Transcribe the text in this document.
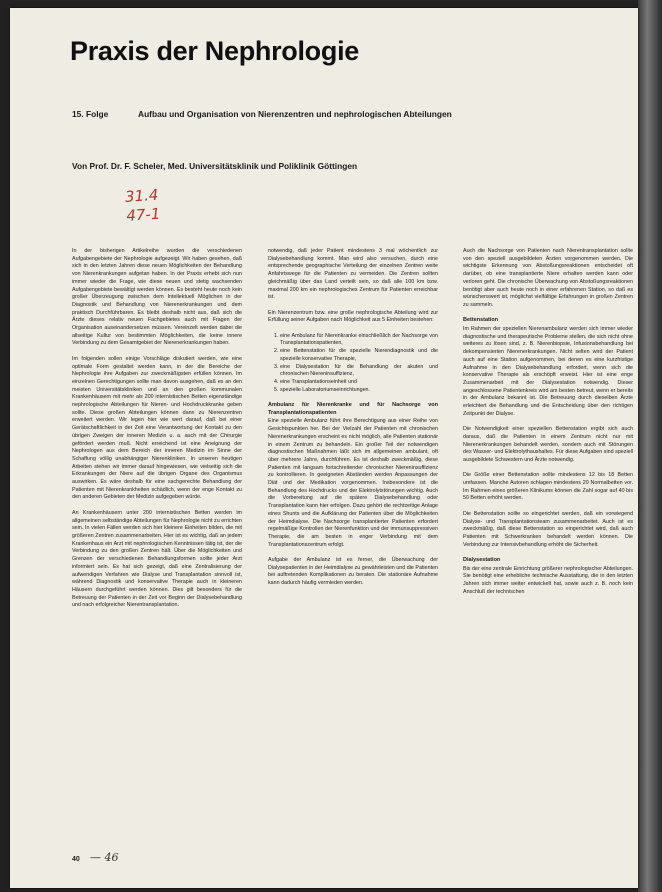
Praxis der Nephrologie
15. Folge	Aufbau und Organisation von Nierenzentren und nephrologischen Abteilungen
Von Prof. Dr. F. Scheler, Med. Universitätsklinik und Poliklinik Göttingen
31.4
47-1

In der bisherigen Artikelreihe wurden die verschiedenen Aufgabengebiete der Nephrologie aufgezeigt. Wir haben gesehen, daß sich in den letzten Jahren diese neuen Möglichkeiten der Behandlung von Nierenkrankungen aufgetan haben. In der Praxis erhebt sich nun immer wieder die Frage, wie diese neuen und stetig wachsenden Aufgabengebiete bewältigt werden können. Es besteht heute noch kein großer Überzeugung zwischen dem Intellektuell Möglichen in der Diagnostik und Behandlung von Nierenerkrankungen und dem praktisch Durchführbaren. Es bleibt deshalb nicht aus, daß sich die Ärzte dieses relativ neuen Fachgebietes auch mit Fragen der Organisation auseinandersetzen müssen. Vereinzelt werden dabei die allseitige Kultur von bestimmten Möglichkeiten, die keine innere Verbindung zu dem Gesamtgebiet der Nierenerkrankungen haben.

Im folgenden sollen einige Vorschläge diskutiert werden, wie eine optimale Form gestaltet werden kann, in der die Bereiche der Nephrologie ihre Aufgaben zur zweckmäßigsten erfüllen können. Im einzelnen Gerechtigungen sollte man davon ausgehen, daß es an den meisten Universitätskliniken und an den großen kommunalen Krankenhäusern mit mehr als 200 internistischen Betten eigenständige nephrologische Abteilungen für Nieren- und Hochdruckkranke geben sollte. Diese großen Abteilungen können dann zu Nierenzentren erweitert werden. Wir legen hier wie wert darauf, daß bei einer Gerätschaftlichkeit in der Zeit eine Verantwortung der Kontakt zu den übrigen Zweigen der inneren Medizin u. a. auch mit der Chirurgie gefördert werden muß. Nicht erreichend ist eine Aneignung der Nephrologen aus dem Bereich der inneren Medizin im Sinne der Schaffung völlig unabhängiger Nierenkliniken. In unseren heutigen Arbeiten stehen wir immer darauf hingewiesen, wie vielseitig sich die Erkrankungen der Niere auf die übrigen Organe des Organismus auswirken. Es wäre deshalb für eine sachgerechte Behandlung der Patienten mit Nierenkrankheiten schädlich, wenn der enge Kontakt zu den anderen Gebieten der Medizin aufgegeben würde.

An Krankenhäusern unter 200 internistischen Betten werden im allgemeinen selbständige Abteilungen für Nephrologie nicht zu errichten sein. In vielen Fällen werden sich hier kleinere Einheiten bilden, die mit größeren Zentren zusammenarbeiten. Hier ist es wichtig, daß an jedem Krankenhaus ein Arzt mit nephrologischen Kenntnissen tätig ist, der die Verbindung zu den großen Zentren hält. Über die Möglichkeiten und Grenzen der verschiedenen Behandlungsformen sollte jeder Arzt informiert sein. Es hat sich gezeigt, daß eine Zentralisierung der aufwendigen Verfahren wie Dialyse und Transplantation sinnvoll ist, während Diagnostik und konservative Therapie auch in kleineren Häusern durchgeführt werden können. Dies gilt besonders für die Betreuung der Patienten in der Zeit vor Beginn der Dialysebehandlung und nach erfolgreicher Nierentransplantation.

notwendig, daß jeder Patient mindestens 3 mal wöchentlich zur Dialysebehandlung kommt. Man wird also versuchen, durch eine entsprechende geographische Verteilung der einzelnen Zentren weite Anfahrtswege für die Patienten zu vermeiden. Die Zentren sollten gleichmäßig über das Land verteilt sein, so daß alle 100 km bzw. maximal 200 km ein nephrologisches Zentrum für Patienten erreichbar ist.

Ein Nierenzentrum bzw. eine große nephrologische Abteilung wird zur Erfüllung seiner Aufgaben nach Möglichkeit aus 5 Einheiten bestehen:

1. eine Ambulanz für Nierenkranke einschließlich der Nachsorge von Transplantationspatienten,
2. eine Bettenstation für die spezielle Nierendiagnostik und die spezielle konservative Therapie,
3. eine Dialysestation für die Behandlung der akuten und chronischen Niereninsuffizienz,
4. eine Transplantationseinheit und
5. spezielle Laboratoriumseinrichtungen.
Ambulanz für Nierenkranke und für Nachsorge von Transplantationspatienten

Eine spezielle Ambulanz führt ihre Berechtigung aus einer Reihe von Gesichtspunkten her. Bei der Vielzahl der Patienten mit chronischen Nierenerkrankungen erscheint es nicht möglich, alle Patienten stationär in einem Zentrum zu behandeln. Ein großer Teil der notwendigen diagnostischen Maßnahmen läßt sich im allgemeinen ambulant, oft über mehrere Jahre, durchführen. Es ist deshalb zweckmäßig, diese Patienten mit langsam fortschreitender chronischer Niereninsuffizienz zu kontrollieren. In geeigneten Abständen werden Anpassungen der Diät und der Medikation vorgenommen. Insbesondere ist die Behandlung des Hochdrucks und der Elektrolytstörungen wichtig. Auch die Vorbereitung auf die spätere Dialysebehandlung oder Transplantation kann hier erfolgen. Dazu gehört die rechtzeitige Anlage eines Shunts und die Aufklärung der Patienten über die Möglichkeiten der Heimdialyse. Die Nachsorge transplantierter Patienten erfordert regelmäßige Kontrollen der Nierenfunktion und der immunsuppressiven Therapie, die am besten in enger Verbindung mit dem Transplantationszentrum erfolgt.

Aufgabe der Ambulanz ist es ferner, die Überwachung der Dialysepatienten in der Heimdialyse zu gewährleisten und die Patienten bei auftretenden Komplikationen zu beraten. Die stationäre Aufnahme kann dadurch häufig vermieden werden.

Auch die Nachsorge von Patienten nach Nierentransplantation sollte von den speziell ausgebildeten Ärzten vorgenommen werden. Die wichtigste Erkennung von Abstoßungsreaktionen entscheidet oft darüber, ob eine transplantierte Niere erhalten werden kann oder verloren geht. Die chronische Überwachung von Abstoßungsreaktionen benötigt aber auch heute noch in einer erfahrenen Station, so daß es wünschenswert ist, möglichst vielfältige Erfahrungen in großen Zentren zu sammeln.

Bettenstation

Im Rahmen der speziellen Nierenambulanz werden sich immer wieder diagnostische und therapeutische Probleme stellen, die sich nicht ohne weiteres zu lösen sind, z. B. Nierenbiopsie, Infusionsbehandlung bei dekompensierten Nierenerkrankungen. Nicht selten wird der Patient auch auf eine Station aufgenommen, bei denen es eine kurzfristige Aufnahme in den Dialysebehandlung erfordert, wenn sich die konservative Therapie als erschöpft erweist. Hier ist eine enge Zusammenarbeit mit der Dialysestation notwendig. Dieser angeschlossene Patientenkreis wird am besten betreut, wenn er bereits in der Ambulanz bekannt ist. Die Betreuung durch dieselben Ärzte erleichtert die Behandlung und die Entscheidung über den richtigen Zeitpunkt der Dialyse.

Die Notwendigkeit einer speziellen Bettenstation ergibt sich auch daraus, daß die Patienten in einem Zentrum nicht nur mit Nierenerkrankungen behandelt werden, sondern auch mit Störungen des Wasser- und Elektrolythaushaltes. Für diese Aufgaben sind speziell ausgebildete Schwestern und Ärzte notwendig.

Die Größe einer Bettenstation sollte mindestens 12 bis 18 Betten umfassen. Manche Autoren schlagen mindestens 20 Normalbetten vor. Im Rahmen eines größeren Klinikums können die Zahl sogar auf 40 bis 50 Betten erhöht werden.

Die Bettenstation sollte so eingerichtet werden, daß ein vorwiegend Dialyse- und Transplantationsteam zusammenarbeitet. Auch ist es zweckmäßig, daß diese Bettenstation so eingerichtet wird, daß auch Patienten mit Schwerkranken behandelt werden können. Die Verbindung zur Intensivbehandlung erhöht die Sicherheit.

Dialysestation

Bis der eine zentrale Einrichtung größerer nephrologischer Abteilungen. Sie benötigt eine erhebliche technische Ausstattung, die in den letzten Jahren sich immer weiter entwickelt hat, sowie auch z. B. noch kein Anschluß der technischen

40 — 46
